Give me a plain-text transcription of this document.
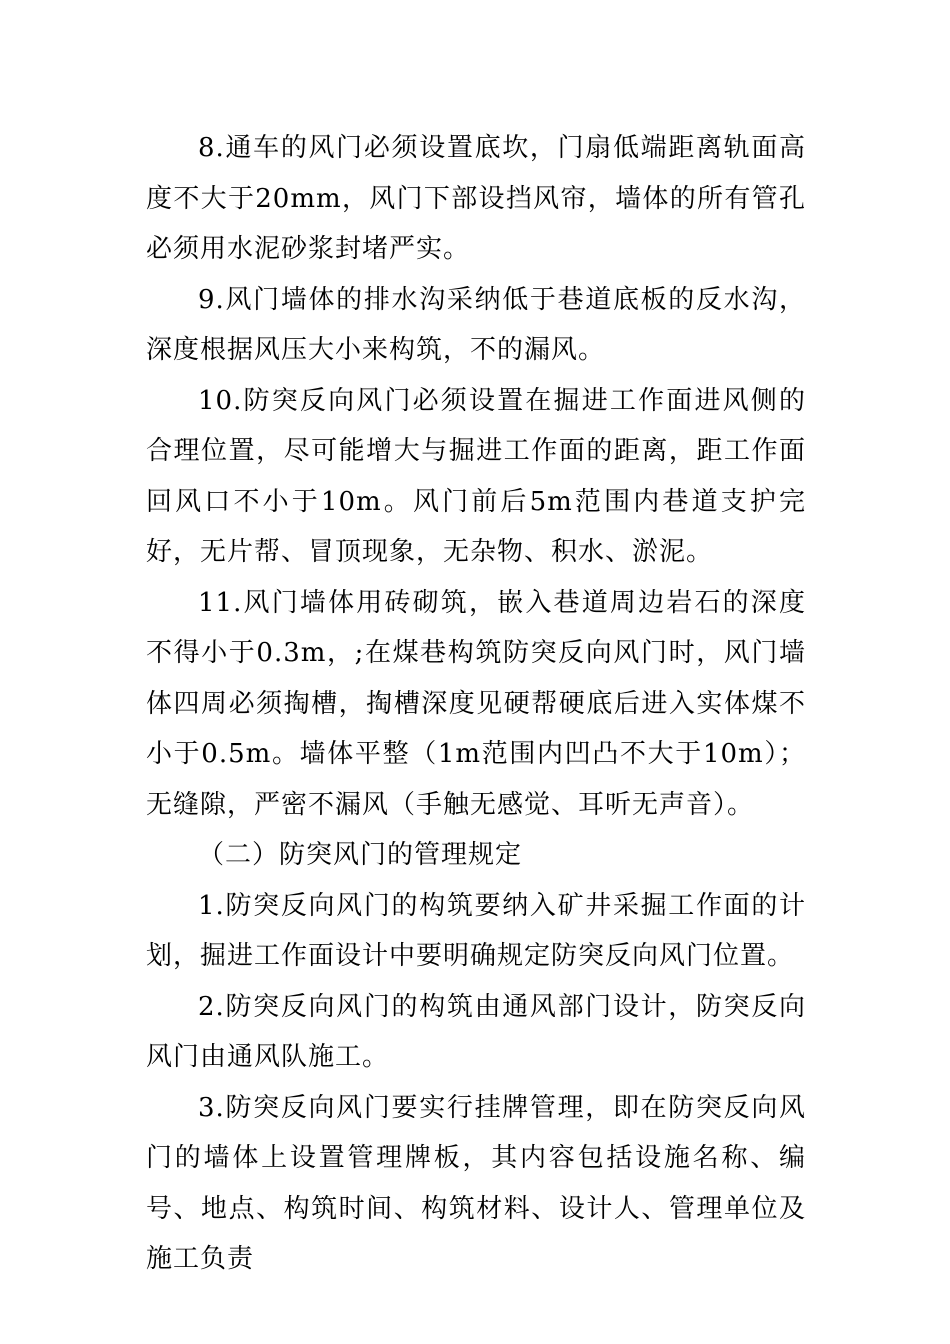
8.通车的风门必须设置底坎，门扇低端距离轨面高度不大于20mm，风门下部设挡风帘，墙体的所有管孔必须用水泥砂浆封堵严实。

9.风门墙体的排水沟采纳低于巷道底板的反水沟，深度根据风压大小来构筑，不的漏风。

10.防突反向风门必须设置在掘进工作面进风侧的合理位置，尽可能增大与掘进工作面的距离，距工作面回风口不小于10m。风门前后5m范围内巷道支护完好，无片帮、冒顶现象，无杂物、积水、淤泥。

11.风门墙体用砖砌筑，嵌入巷道周边岩石的深度不得小于0.3m，;在煤巷构筑防突反向风门时，风门墙体四周必须掏槽，掏槽深度见硬帮硬底后进入实体煤不小于0.5m。墙体平整（1m范围内凹凸不大于10m）；无缝隙，严密不漏风（手触无感觉、耳听无声音）。

（二）防突风门的管理规定

1.防突反向风门的构筑要纳入矿井采掘工作面的计划，掘进工作面设计中要明确规定防突反向风门位置。

2.防突反向风门的构筑由通风部门设计，防突反向风门由通风队施工。

3.防突反向风门要实行挂牌管理，即在防突反向风门的墙体上设置管理牌板，其内容包括设施名称、编号、地点、构筑时间、构筑材料、设计人、管理单位及施工负责
